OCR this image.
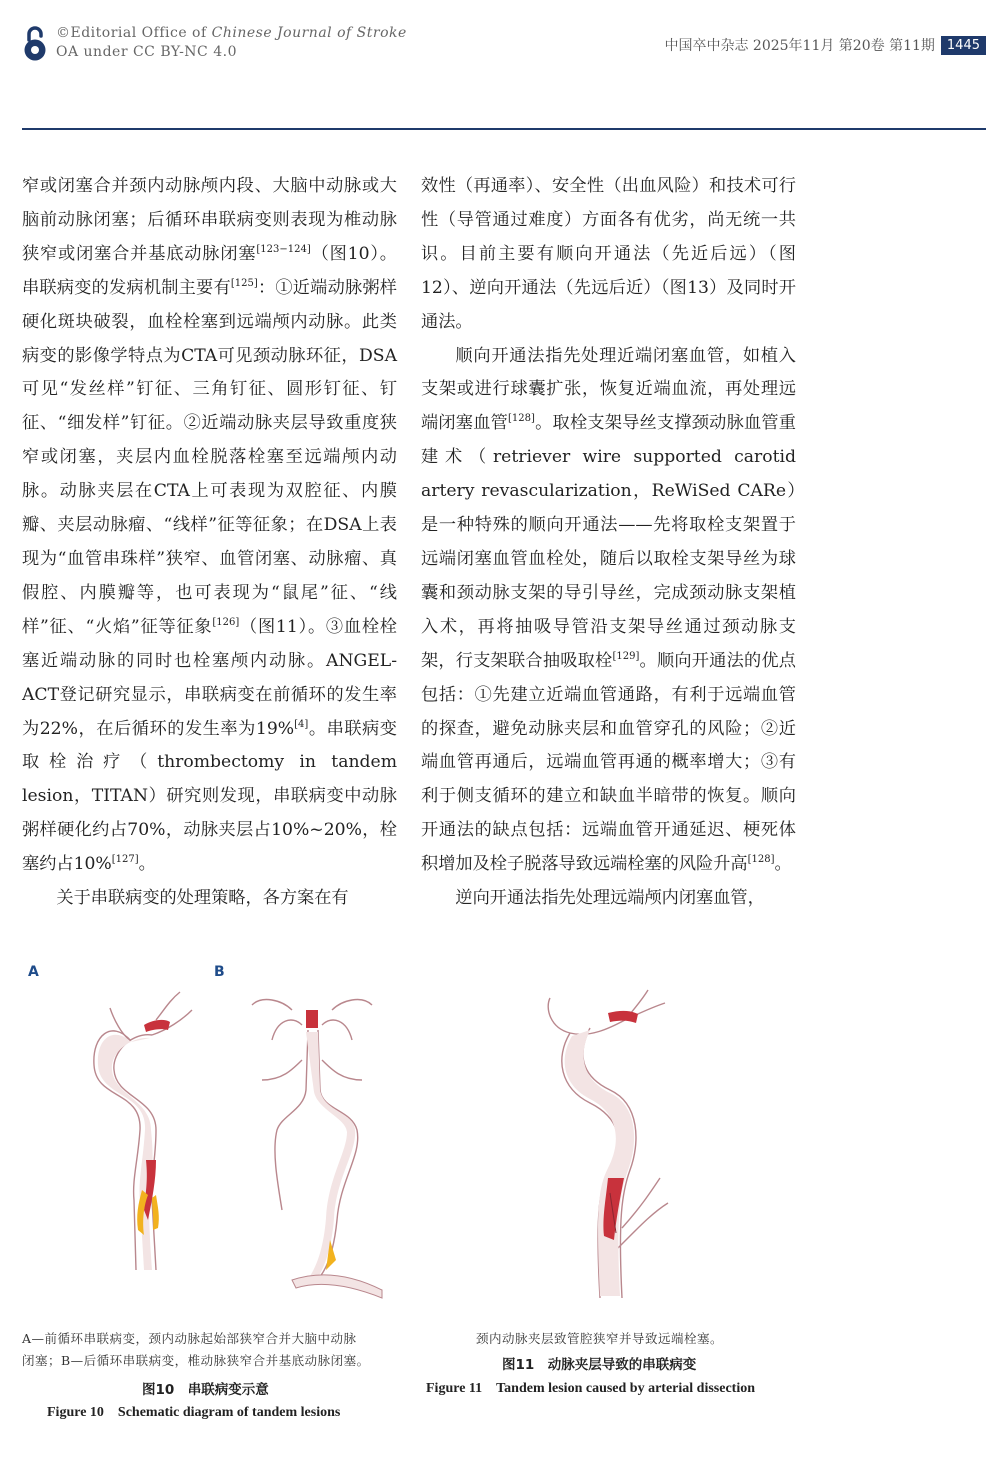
©Editorial Office of Chinese Journal of Stroke
OA under CC BY-NC 4.0	中国卒中杂志 2025年11月 第20卷 第11期 1445

窄或闭塞合并颈内动脉颅内段、大脑中动脉或大脑前动脉闭塞；后循环串联病变则表现为椎动脉狭窄或闭塞合并基底动脉闭塞[123−124]（图10）。串联病变的发病机制主要有[125]：①近端动脉粥样硬化斑块破裂，血栓栓塞到远端颅内动脉。此类病变的影像学特点为CTA可见颈动脉环征，DSA可见“发丝样”钉征、三角钉征、圆形钉征、钉征、“细发样”钉征。②近端动脉夹层导致重度狭窄或闭塞，夹层内血栓脱落栓塞至远端颅内动脉。动脉夹层在CTA上可表现为双腔征、内膜瓣、夹层动脉瘤、“线样”征等征象；在DSA上表现为“血管串珠样”狭窄、血管闭塞、动脉瘤、真假腔、内膜瓣等，也可表现为“鼠尾”征、“线样”征、“火焰”征等征象[126]（图11）。③血栓栓塞近端动脉的同时也栓塞颅内动脉。ANGEL-ACT登记研究显示，串联病变在前循环的发生率为22%，在后循环的发生率为19%[4]。串联病变取栓治疗（thrombectomy in tandem lesion，TITAN）研究则发现，串联病变中动脉粥样硬化约占70%，动脉夹层占10%~20%，栓塞约占10%[127]。

关于串联病变的处理策略，各方案在有

效性（再通率）、安全性（出血风险）和技术可行性（导管通过难度）方面各有优劣，尚无统一共识。目前主要有顺向开通法（先近后远）（图12）、逆向开通法（先远后近）（图13）及同时开通法。

顺向开通法指先处理近端闭塞血管，如植入支架或进行球囊扩张，恢复近端血流，再处理远端闭塞血管[128]。取栓支架导丝支撑颈动脉血管重建术（retriever wire supported carotid artery revascularization，ReWiSed CARe）是一种特殊的顺向开通法——先将取栓支架置于远端闭塞血管血栓处，随后以取栓支架导丝为球囊和颈动脉支架的导引导丝，完成颈动脉支架植入术，再将抽吸导管沿支架导丝通过颈动脉支架，行支架联合抽吸取栓[129]。顺向开通法的优点包括：①先建立近端血管通路，有利于远端血管的探查，避免动脉夹层和血管穿孔的风险；②近端血管再通后，远端血管再通的概率增大；③有利于侧支循环的建立和缺血半暗带的恢复。顺向开通法的缺点包括：远端血管开通延迟、梗死体积增加及栓子脱落导致远端栓塞的风险升高[128]。

逆向开通法指先处理远端颅内闭塞血管，

A	B
A—前循环串联病变，颈内动脉起始部狭窄合并大脑中动脉
闭塞；B—后循环串联病变，椎动脉狭窄合并基底动脉闭塞。
图10　串联病变示意
Figure 10　Schematic diagram of tandem lesions
颈内动脉夹层致管腔狭窄并导致远端栓塞。
图11　动脉夹层导致的串联病变
Figure 11　Tandem lesion caused by arterial dissection
